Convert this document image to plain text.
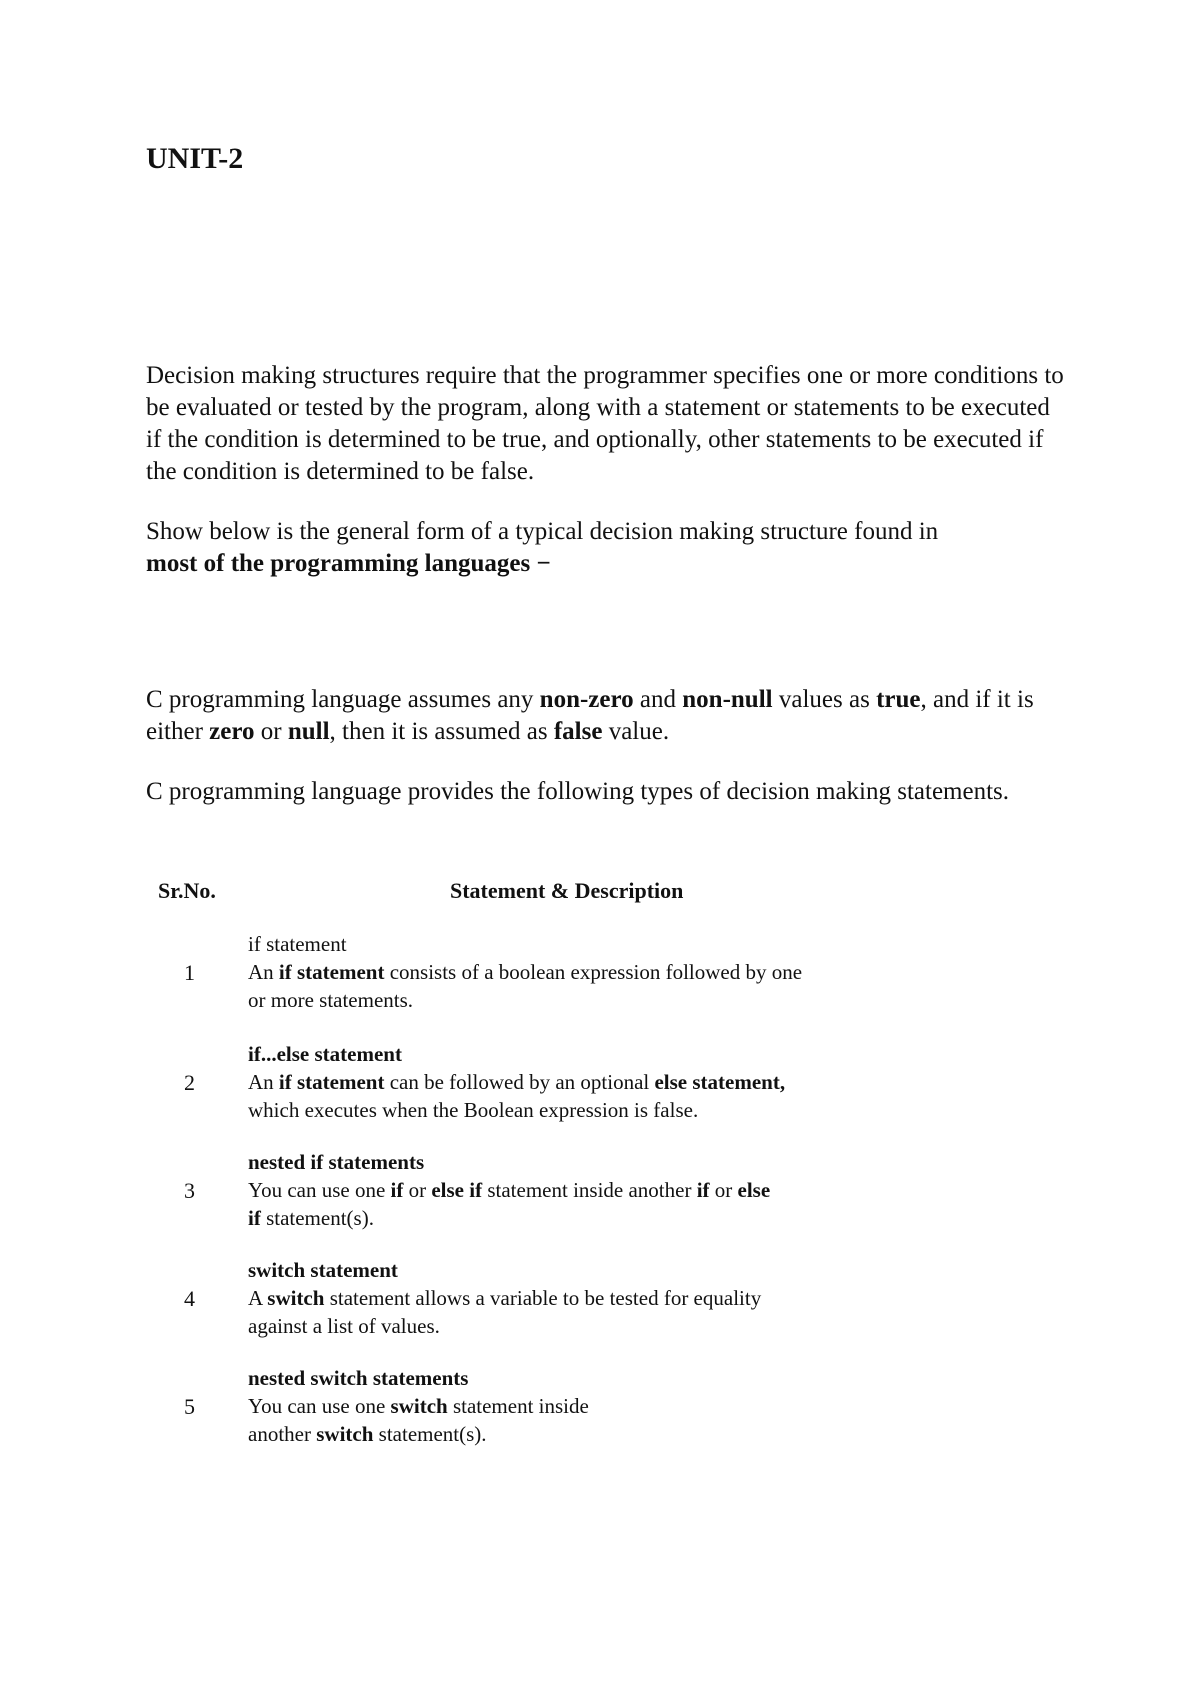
UNIT-2

Decision making structures require that the programmer specifies one or more conditions to be evaluated or tested by the program, along with a statement or statements to be executed if the condition is determined to be true, and optionally, other statements to be executed if the condition is determined to be false.

Show below is the general form of a typical decision making structure found in
most of the programming languages −

C programming language assumes any non-zero and non-null values as true, and if it is either zero or null, then it is assumed as false value.

C programming language provides the following types of decision making statements.

Sr.No.	Statement & Description
1
if statement
An if statement consists of a boolean expression followed by one
or more statements.
2
if...else statement
An if statement can be followed by an optional else statement,
which executes when the Boolean expression is false.
3
nested if statements
You can use one if or else if statement inside another if or else
if statement(s).
4
switch statement
A switch statement allows a variable to be tested for equality
against a list of values.
5
nested switch statements
You can use one switch statement inside
another switch statement(s).
